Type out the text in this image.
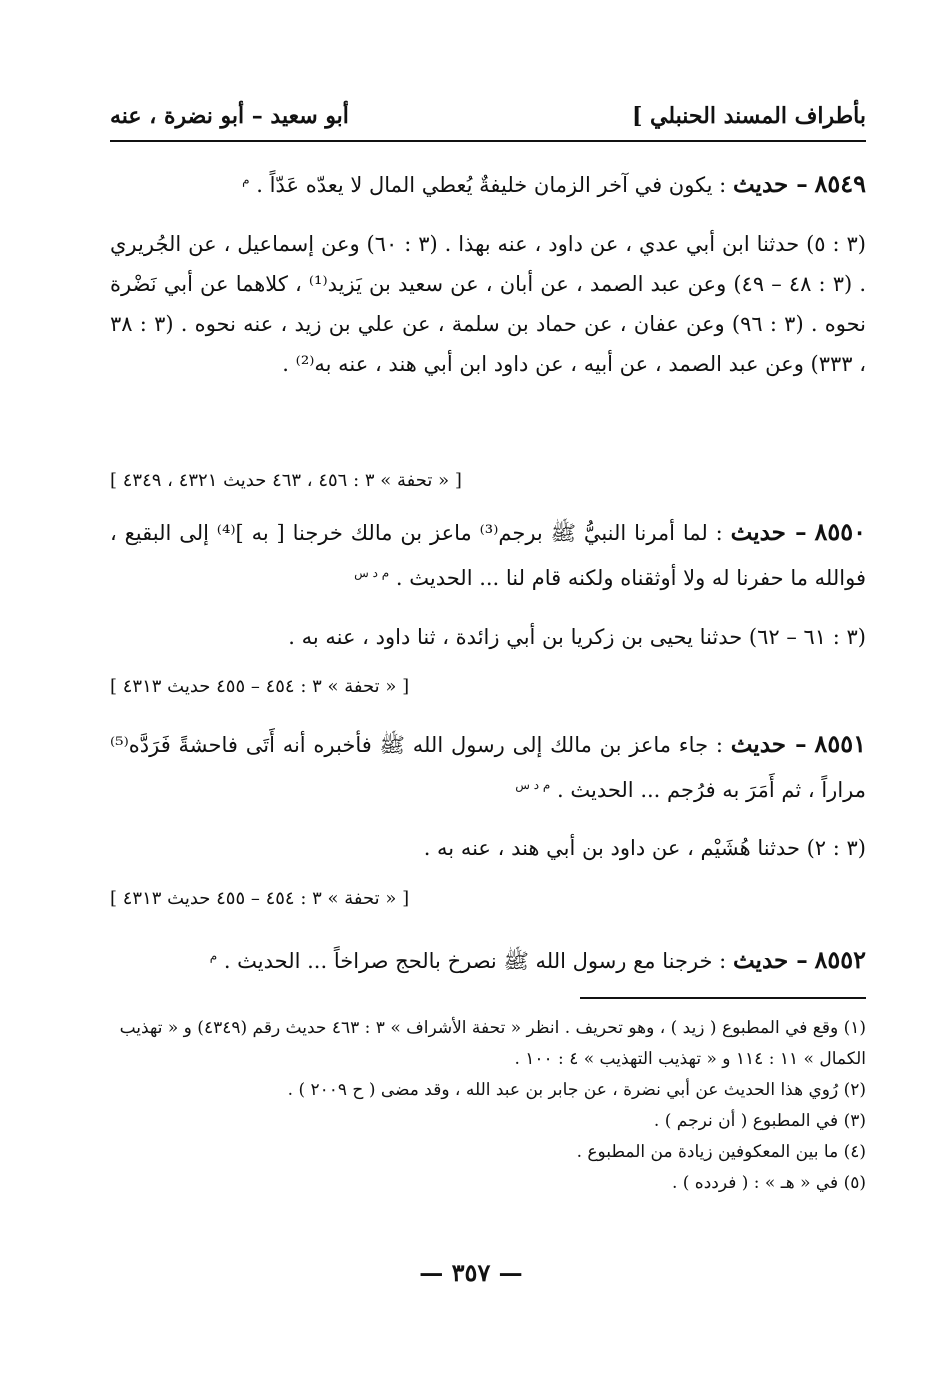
بأطراف المسند الحنبلي ]
أبو سعيد – أبو نضرة ، عنه
٨٥٤٩ – حديث : يكون في آخر الزمان خليفةٌ يُعطي المال لا يعدّه عَدّاً . $^م$
(٣ : ٥) حدثنا ابن أبي عدي ، عن داود ، عنه بهذا . (٣ : ٦٠) وعن إسماعيل ، عن الجُريري . (٣ : ٤٨ – ٤٩) وعن عبد الصمد ، عن أبان ، عن سعيد بن يَزيد⁽¹⁾ ، كلاهما عن أبي نَضْرة نحوه . (٣ : ٩٦) وعن عفان ، عن حماد بن سلمة ، عن علي بن زيد ، عنه نحوه . (٣ : ٣٨ ، ٣٣٣) وعن عبد الصمد ، عن أبيه ، عن داود ابن أبي هند ، عنه به⁽²⁾ .
[ « تحفة » ٣ : ٤٥٦ ، ٤٦٣ حديث ٤٣٢١ ، ٤٣٤٩ ]
٨٥٥٠ – حديث : لما أمرنا النبيُّ ﷺ برجم⁽³⁾ ماعز بن مالك خرجنا [ به ]⁽⁴⁾ إلى البقيع ، فوالله ما حفرنا له ولا أوثقناه ولكنه قام لنا ... الحديث . $^{م د س}$
(٣ : ٦١ – ٦٢) حدثنا يحيى بن زكريا بن أبي زائدة ، ثنا داود ، عنه به .
[ « تحفة » ٣ : ٤٥٤ – ٤٥٥ حديث ٤٣١٣ ]
٨٥٥١ – حديث : جاء ماعز بن مالك إلى رسول الله ﷺ فأخبره أنه أَتَى فاحشةً فَرَدَّه⁽⁵⁾ مراراً ، ثم أَمَرَ به فرُجم ... الحديث . $^{م د س}$
(٣ : ٢) حدثنا هُشَيْم ، عن داود بن أبي هند ، عنه به .
[ « تحفة » ٣ : ٤٥٤ – ٤٥٥ حديث ٤٣١٣ ]
٨٥٥٢ – حديث : خرجنا مع رسول الله ﷺ نصرخ بالحج صراخاً ... الحديث . $^م$
(١) وقع في المطبوع ( زيد ) ، وهو تحريف . انظر « تحفة الأشراف » ٣ : ٤٦٣ حديث رقم (٤٣٤٩) و « تهذيب الكمال » ١١ : ١١٤ و « تهذيب التهذيب » ٤ : ١٠٠ .
(٢) رُوي هذا الحديث عن أبي نضرة ، عن جابر بن عبد الله ، وقد مضى ( ح ٢٠٠٩ ) .
(٣) في المطبوع ( أن نرجم ) .
(٤) ما بين المعكوفين زيادة من المطبوع .
(٥) في « هـ » : ( فردده ) .
— ٣٥٧ —
